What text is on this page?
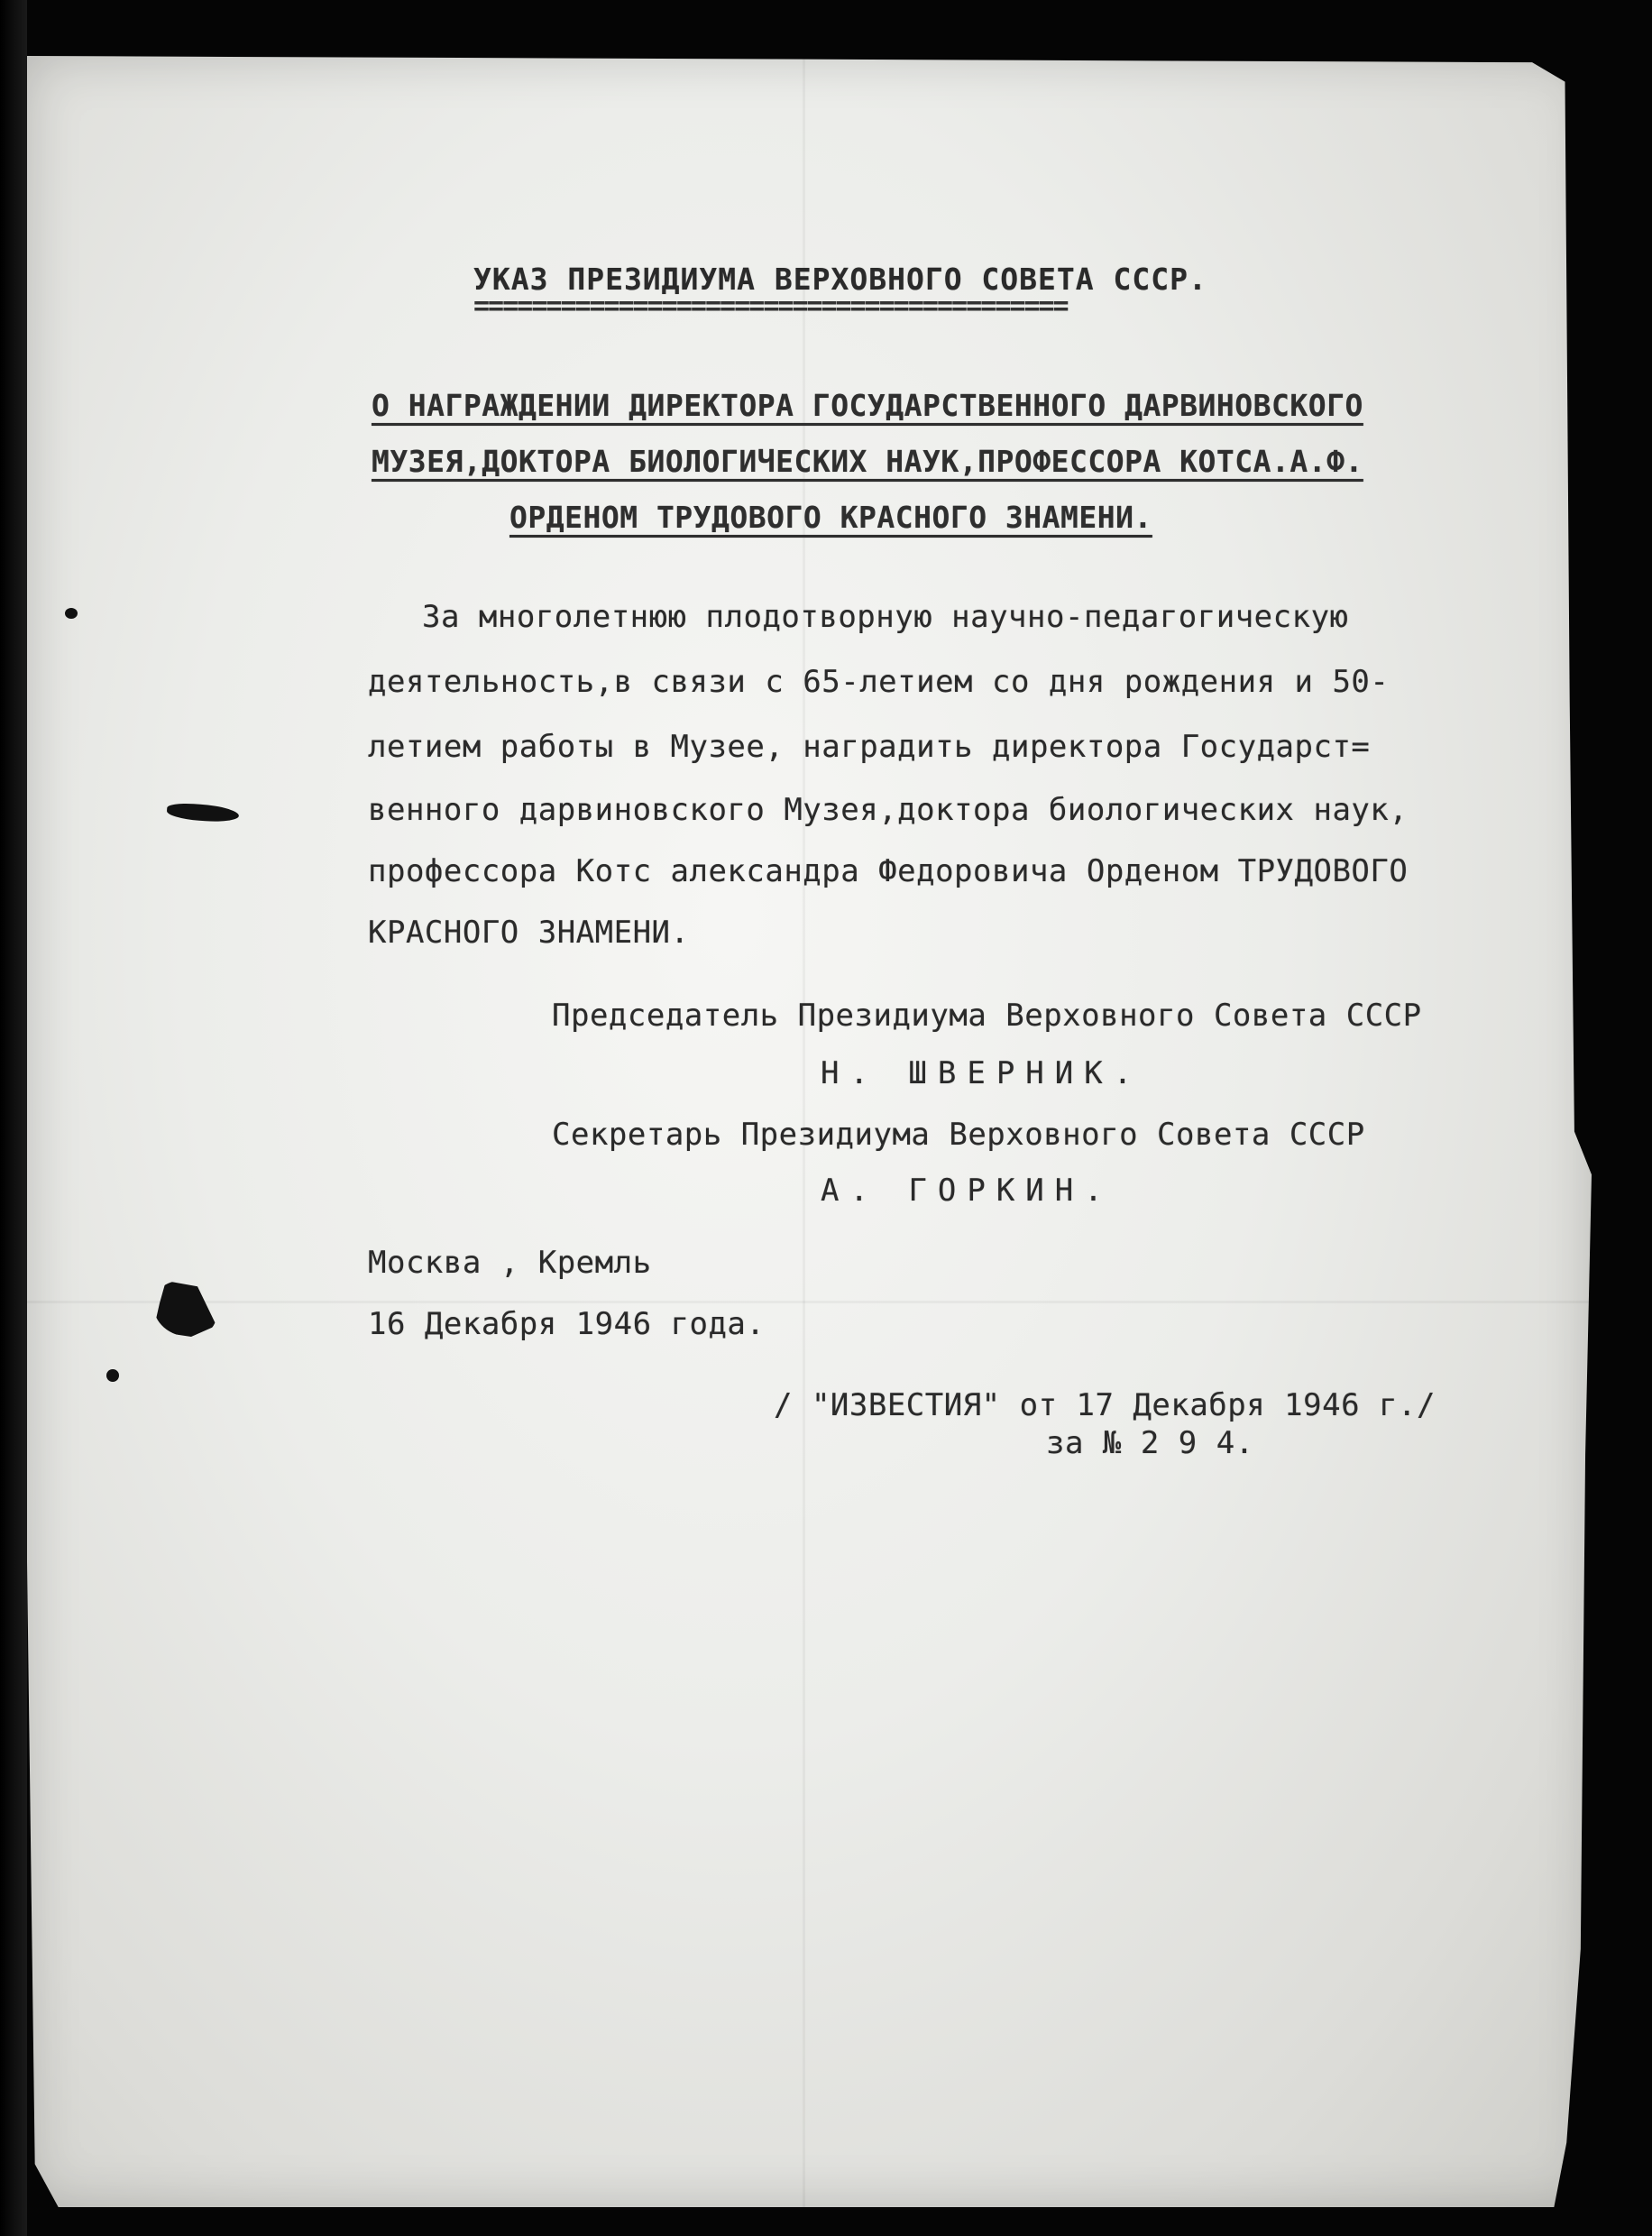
УКАЗ ПРЕЗИДИУМА ВЕРХОВНОГО СОВЕТА СССР.
=========================================
О НАГРАЖДЕНИИ ДИРЕКТОРА ГОСУДАРСТВЕННОГО ДАРВИНОВСКОГО
МУЗЕЯ,ДОКТОРА БИОЛОГИЧЕСКИХ НАУК,ПРОФЕССОРА КОТСА.А.Ф.
ОРДЕНОМ ТРУДОВОГО КРАСНОГО ЗНАМЕНИ.
За многолетнюю плодотворную научно-педагогическую
деятельность,в связи с 65-летием со дня рождения и 50-
летием работы в Музее, наградить директора Государст=
венного дарвиновского Музея,доктора биологических наук,
профессора Котс александра Федоровича Орденом ТРУДОВОГО
КРАСНОГО ЗНАМЕНИ.
Председатель Президиума Верховного Совета СССР
Н. ШВЕРНИК.
Секретарь Президиума Верховного Совета СССР
А. ГОРКИН.
Москва , Кремль
16 Декабря 1946 года.
/ "ИЗВЕСТИЯ" от 17 Декабря 1946 г./
за № 2 9 4.
